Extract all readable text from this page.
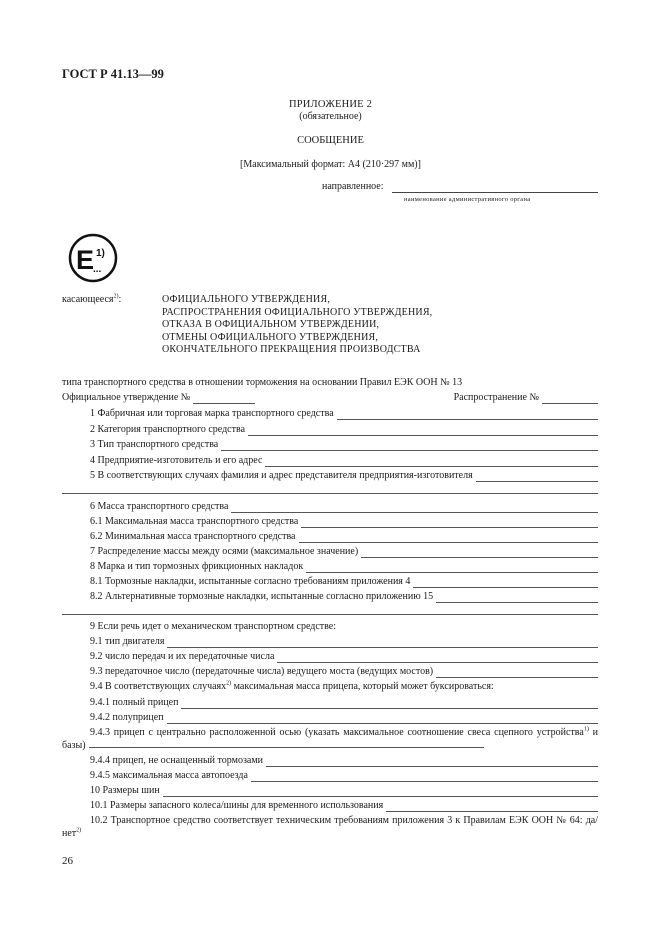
ГОСТ Р 41.13—99
ПРИЛОЖЕНИЕ 2
(обязательное)
СООБЩЕНИЕ
[Максимальный формат: А4 (210·297 мм)]
направленное:
наименование административного органа
E 1)
...
касающееся$^{2)}$:	ОФИЦИАЛЬНОГО УТВЕРЖДЕНИЯ,
РАСПРОСТРАНЕНИЯ ОФИЦИАЛЬНОГО УТВЕРЖДЕНИЯ,
ОТКАЗА В ОФИЦИАЛЬНОМ УТВЕРЖДЕНИИ,
ОТМЕНЫ ОФИЦИАЛЬНОГО УТВЕРЖДЕНИЯ,
ОКОНЧАТЕЛЬНОГО ПРЕКРАЩЕНИЯ ПРОИЗВОДСТВА
типа транспортного средства в отношении торможения на основании Правил ЕЭК ООН № 13
Официальное утверждение №	Распространение №
1 Фабричная или торговая марка транспортного средства
2 Категория транспортного средства
3 Тип транспортного средства
4 Предприятие-изготовитель и его адрес
5 В соответствующих случаях фамилия и адрес представителя предприятия-изготовителя
6 Масса транспортного средства
6.1 Максимальная масса транспортного средства
6.2 Минимальная масса транспортного средства
7 Распределение массы между осями (максимальное значение)
8 Марка и тип тормозных фрикционных накладок
8.1 Тормозные накладки, испытанные согласно требованиям приложения 4
8.2 Альтернативные тормозные накладки, испытанные согласно приложению 15
9 Если речь идет о механическом транспортном средстве:
9.1 тип двигателя
9.2 число передач и их передаточные числа
9.3 передаточное число (передаточные числа) ведущего моста (ведущих мостов)
9.4 В соответствующих случаях$^{2)}$ максимальная масса прицепа, который может буксироваться:
9.4.1 полный прицеп
9.4.2 полуприцеп
9.4.3 прицеп с центрально расположенной осью (указать максимальное соотношение свеса сцепного устройства$^{1)}$ и базы)
9.4.4 прицеп, не оснащенный тормозами
9.4.5 максимальная масса автопоезда
10 Размеры шин
10.1 Размеры запасного колеса/шины для временного использования
10.2 Транспортное средство соответствует техническим требованиям приложения 3 к Правилам ЕЭК ООН № 64: да/нет$^{2)}$
26
